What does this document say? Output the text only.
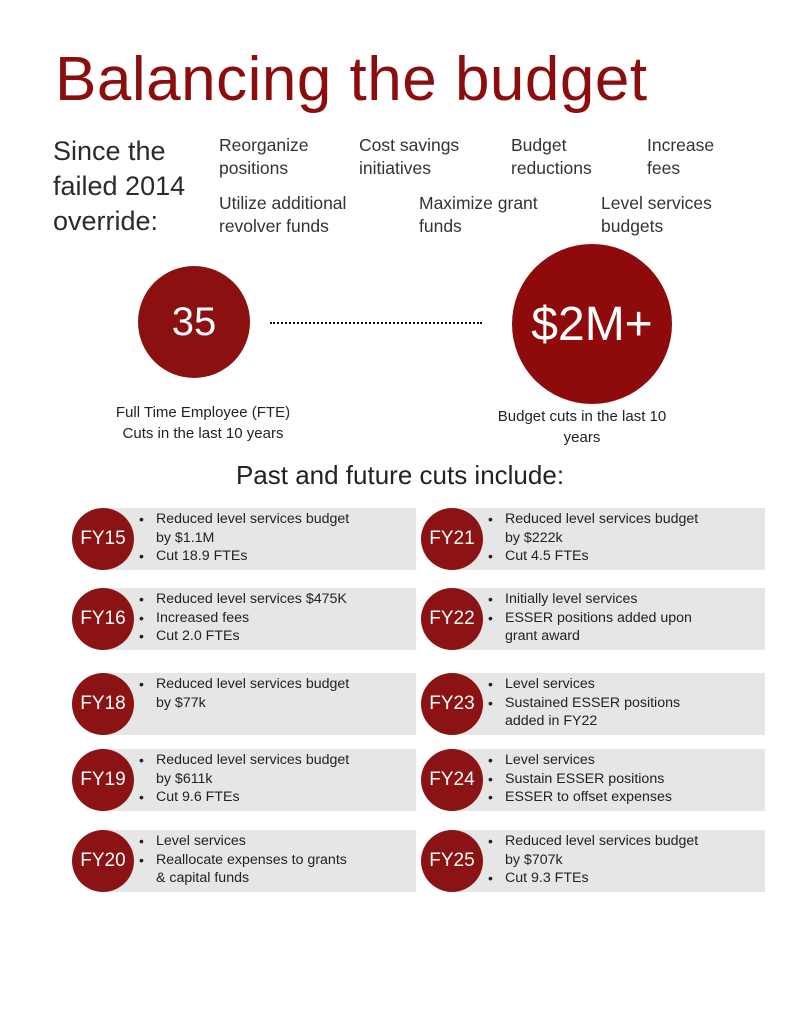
Balancing the budget
Since the
failed 2014
override:
Reorganize
positions
Cost savings
initiatives
Budget
reductions
Increase
fees
Utilize additional
revolver funds
Maximize grant
funds
Level services
budgets
35	$2M+
Full Time Employee (FTE)
Cuts in the last 10 years
Budget cuts in the last 10
years
Past and future cuts include:
• Reduced level services budget
by $1.1M
• Cut 18.9 FTEs
FY15
• Reduced level services $475K
• Increased fees
• Cut 2.0 FTEs
FY16
• Reduced level services budget
by $77k
FY18
• Reduced level services budget
by $611k
• Cut 9.6 FTEs
FY19
• Level services
• Reallocate expenses to grants
& capital funds
FY20
• Reduced level services budget
by $222k
• Cut 4.5 FTEs
FY21
• Initially level services
• ESSER positions added upon
grant award
FY22
• Level services
• Sustained ESSER positions
added in FY22
FY23
• Level services
• Sustain ESSER positions
• ESSER to offset expenses
FY24
• Reduced level services budget
by $707k
• Cut 9.3 FTEs
FY25
